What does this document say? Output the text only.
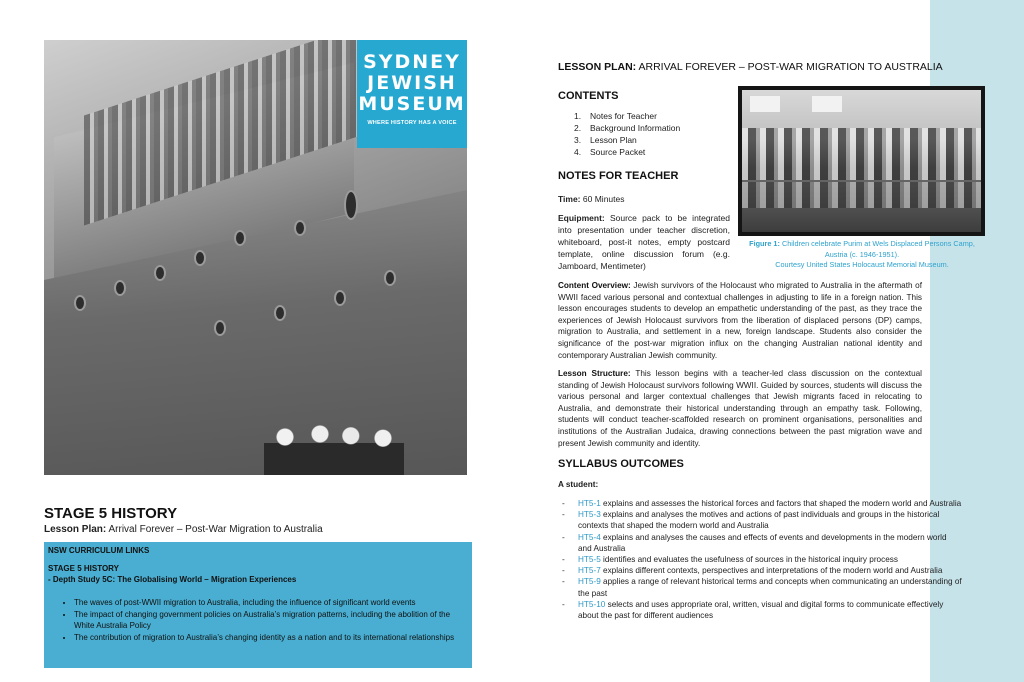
SYDNEY
JEWISH
MUSEUM
WHERE HISTORY HAS A VOICE
STAGE 5 HISTORY
Lesson Plan: Arrival Forever – Post-War Migration to Australia
NSW CURRICULUM LINKS
STAGE 5 HISTORY
- Depth Study 5C: The Globalising World – Migration Experiences
• The waves of post-WWII migration to Australia, including the influence of significant world events
• The impact of changing government policies on Australia’s migration patterns, including the abolition of the White Australia Policy
• The contribution of migration to Australia’s changing identity as a nation and to its international relationships
LESSON PLAN: ARRIVAL FOREVER – POST-WAR MIGRATION TO AUSTRALIA
CONTENTS
1. Notes for Teacher
2. Background Information
3. Lesson Plan
4. Source Packet
NOTES FOR TEACHER
Time: 60 Minutes
Equipment: Source pack to be integrated into presentation under teacher discretion, whiteboard, post-it notes, empty postcard template, online discussion forum (e.g. Jamboard, Mentimeter)
Figure 1: Children celebrate Purim at Wels Displaced Persons Camp, Austria (c. 1946-1951).
Courtesy United States Holocaust Memorial Museum.
Content Overview: Jewish survivors of the Holocaust who migrated to Australia in the aftermath of WWII faced various personal and contextual challenges in adjusting to life in a foreign nation. This lesson encourages students to develop an empathetic understanding of the past, as they trace the experiences of Jewish Holocaust survivors from the liberation of displaced persons (DP) camps, migration to Australia, and settlement in a new, foreign landscape. Students also consider the significance of the post-war migration influx on the changing Australian national identity and contemporary Australian Jewish community.
Lesson Structure: This lesson begins with a teacher-led class discussion on the contextual standing of Jewish Holocaust survivors following WWII. Guided by sources, students will discuss the various personal and larger contextual challenges that Jewish migrants faced in relocating to Australia, and demonstrate their historical understanding through an empathy task. Following, students will conduct teacher-scaffolded research on prominent organisations, personalities and institutions of the Australian Judaica, drawing connections between the past migration wave and present Jewish community and identity.
SYLLABUS OUTCOMES
A student:
- HT5-1 explains and assesses the historical forces and factors that shaped the modern world and Australia
- HT5-3 explains and analyses the motives and actions of past individuals and groups in the historical contexts that shaped the modern world and Australia
- HT5-4 explains and analyses the causes and effects of events and developments in the modern world and Australia
- HT5-5 identifies and evaluates the usefulness of sources in the historical inquiry process
- HT5-7 explains different contexts, perspectives and interpretations of the modern world and Australia
- HT5-9 applies a range of relevant historical terms and concepts when communicating an understanding of the past
- HT5-10 selects and uses appropriate oral, written, visual and digital forms to communicate effectively about the past for different audiences
